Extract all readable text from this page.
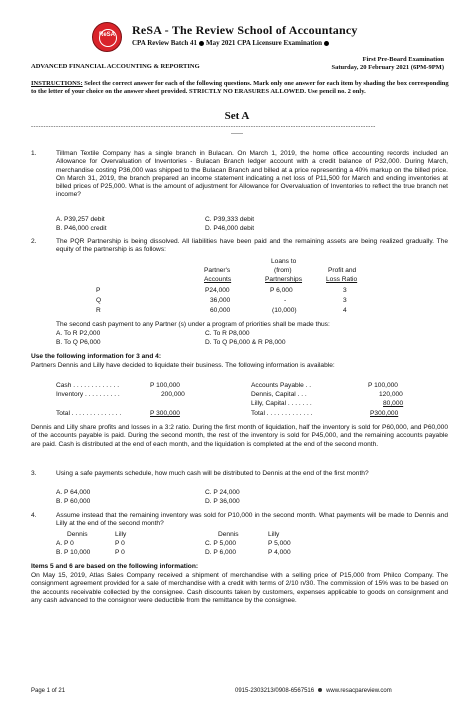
ReSA	ReSA - The Review School of Accountancy
CPA Review Batch 41 May 2021 CPA Licensure Examination
First Pre-Board Examination
ADVANCED FINANCIAL ACCOUNTING & REPORTING	Saturday, 20 February 2021 (6PM-9PM)
INSTRUCTIONS: Select the correct answer for each of the following questions. Mark only one answer for each item by shading the box corresponding to the letter of your choice on the answer sheet provided. STRICTLY NO ERASURES ALLOWED. Use pencil no. 2 only.
Set A
------------------------------------------------------------------------------------------------------------------------------------------
------
1.	Tillman Textile Company has a single branch in Bulacan. On March 1, 2019, the home office accounting records included an Allowance for Overvaluation of Inventories - Bulacan Branch ledger account with a credit balance of P32,000. During March, merchandise costing P36,000 was shipped to the Bulacan Branch and billed at a price representing a 40% markup on the billed price. On March 31, 2019, the branch prepared an income statement indicating a net loss of P11,500 for March and ending inventories at billed prices of P25,000. What is the amount of adjustment for Allowance for Overvaluation of Inventories to reflect the true branch net income?
A. P39,257 debit	C. P39,333 debit
B. P46,000 credit	D. P46,000 debit
2.	The PQR Partnership is being dissolved. All liabilities have been paid and the remaining assets are being realized gradually. The equity of the partnership is as follows:
Loans to
Partner's	(from)	Profit and
Accounts	Partnerships	Loss Ratio
P	P24,000	P 6,000	3
Q	36,000	-	3
R	60,000	(10,000)	4
The second cash payment to any Partner (s) under a program of priorities shall be made thus:
A. To R P2,000	C. To R P8,000
B. To Q P6,000	D. To Q P6,000 & R P8,000
Use the following information for 3 and 4:
Partners Dennis and Lilly have decided to liquidate their business. The following information is available:
Cash . . . . . . . . . . . . .	P 100,000
Inventory . . . . . . . . . .	200,000
Total . . . . . . . . . . . . . .	P 300,000
Accounts Payable . .	P 100,000
Dennis, Capital . . .	120,000
Lilly, Capital . . . . . . .	80,000
Total . . . . . . . . . . . . .	P300,000
Dennis and Lilly share profits and losses in a 3:2 ratio. During the first month of liquidation, half the inventory is sold for P60,000, and P60,000 of the accounts payable is paid. During the second month, the rest of the inventory is sold for P45,000, and the remaining accounts payable are paid. Cash is distributed at the end of each month, and the liquidation is completed at the end of the second month.
3.	Using a safe payments schedule, how much cash will be distributed to Dennis at the end of the first month?
A. P 64,000	C. P 24,000
B. P 60,000	D. P 36,000
4.	Assume instead that the remaining inventory was sold for P10,000 in the second month. What payments will be made to Dennis and Lilly at the end of the second month?
Dennis	Lilly	Dennis	Lilly
A. P 0	P 0	C. P 5,000	P 5,000
B. P 10,000	P 0	D. P 6,000	P 4,000
Items 5 and 6 are based on the following information:
On May 15, 2019, Atlas Sales Company received a shipment of merchandise with a selling price of P15,000 from Philco Company. The consignment agreement provided for a sale of merchandise with a credit with terms of 2/10 n/30. The commission of 15% was to be based on the accounts receivable collected by the consignee. Cash discounts taken by customers, expenses applicable to goods on consignment and any cash advanced to the consignor were deductible from the remittance by the consignee.
Page 1 of 21	0915-2303213/0908-6567516 www.resacpareview.com
